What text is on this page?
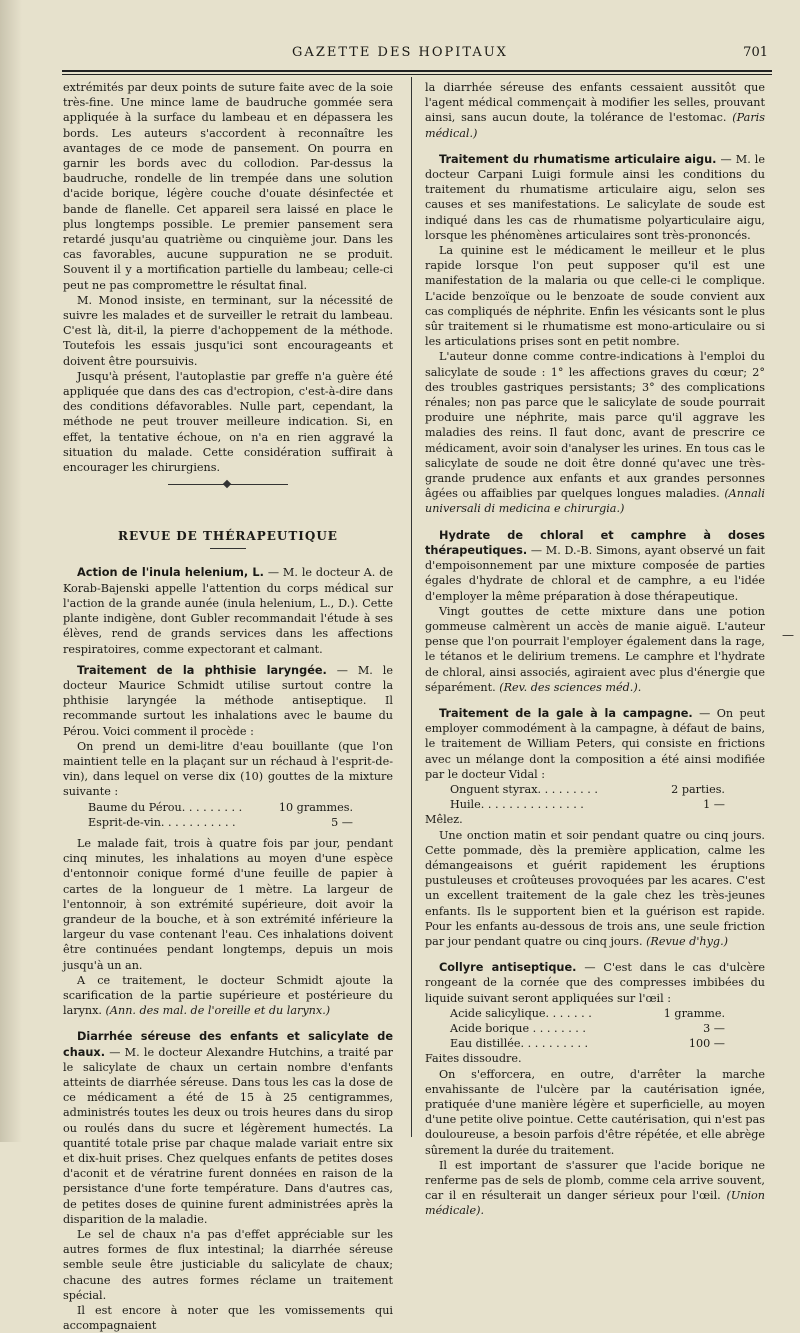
GAZETTE DES HOPITAUX	701

extrémités par deux points de suture faite avec de la soie très-fine. Une mince lame de baudruche gommée sera appliquée à la surface du lambeau et en dépassera les bords. Les auteurs s'accordent à reconnaître les avantages de ce mode de pansement. On pourra en garnir les bords avec du collodion. Par-dessus la baudruche, rondelle de lin trempée dans une solution d'acide borique, légère couche d'ouate désinfectée et bande de flanelle. Cet appareil sera laissé en place le plus longtemps possible. Le premier pansement sera retardé jusqu'au quatrième ou cinquième jour. Dans les cas favorables, aucune suppuration ne se produit. Souvent il y a mortification partielle du lambeau; celle-ci peut ne pas compromettre le résultat final.

M. Monod insiste, en terminant, sur la nécessité de suivre les malades et de surveiller le retrait du lambeau. C'est là, dit-il, la pierre d'achoppement de la méthode. Toutefois les essais jusqu'ici sont encourageants et doivent être poursuivis.

Jusqu'à présent, l'autoplastie par greffe n'a guère été appliquée que dans des cas d'ectropion, c'est-à-dire dans des conditions défavorables. Nulle part, cependant, la méthode ne peut trouver meilleure indication. Si, en effet, la tentative échoue, on n'a en rien aggravé la situation du malade. Cette considération suffirait à encourager les chirurgiens.

REVUE DE THÉRAPEUTIQUE

Action de l'inula helenium, L. — M. le docteur A. de Korab-Bajenski appelle l'attention du corps médical sur l'action de la grande aunée (inula helenium, L., D.). Cette plante indigène, dont Gubler recommandait l'étude à ses élèves, rend de grands services dans les affections respiratoires, comme expectorant et calmant.

Traitement de la phthisie laryngée. — M. le docteur Maurice Schmidt utilise surtout contre la phthisie laryngée la méthode antiseptique. Il recommande surtout les inhalations avec le baume du Pérou. Voici comment il procède :

On prend un demi-litre d'eau bouillante (que l'on maintient telle en la plaçant sur un réchaud à l'esprit-de-vin), dans lequel on verse dix (10) gouttes de la mixture suivante :

Baume du Pérou. . . . . . . . .	10 grammes.
Esprit-de-vin. . . . . . . . . . .	5 —

Le malade fait, trois à quatre fois par jour, pendant cinq minutes, les inhalations au moyen d'une espèce d'entonnoir conique formé d'une feuille de papier à cartes de la longueur de 1 mètre. La largeur de l'entonnoir, à son extrémité supérieure, doit avoir la grandeur de la bouche, et à son extrémité inférieure la largeur du vase contenant l'eau. Ces inhalations doivent être continuées pendant longtemps, depuis un mois jusqu'à un an.

A ce traitement, le docteur Schmidt ajoute la scarification de la partie supérieure et postérieure du larynx. (Ann. des mal. de l'oreille et du larynx.)

Diarrhée séreuse des enfants et salicylate de chaux. — M. le docteur Alexandre Hutchins, a traité par le salicylate de chaux un certain nombre d'enfants atteints de diarrhée séreuse. Dans tous les cas la dose de ce médicament a été de 15 à 25 centigrammes, administrés toutes les deux ou trois heures dans du sirop ou roulés dans du sucre et légèrement humectés. La quantité totale prise par chaque malade variait entre six et dix-huit prises. Chez quelques enfants de petites doses d'aconit et de vératrine furent données en raison de la persistance d'une forte température. Dans d'autres cas, de petites doses de quinine furent administrées après la disparition de la maladie.

Le sel de chaux n'a pas d'effet appréciable sur les autres formes de flux intestinal; la diarrhée séreuse semble seule être justiciable du salicylate de chaux; chacune des autres formes réclame un traitement spécial.

Il est encore à noter que les vomissements qui accompagnaient

la diarrhée séreuse des enfants cessaient aussitôt que l'agent médical commençait à modifier les selles, prouvant ainsi, sans aucun doute, la tolérance de l'estomac. (Paris médical.)

Traitement du rhumatisme articulaire aigu. — M. le docteur Carpani Luigi formule ainsi les conditions du traitement du rhumatisme articulaire aigu, selon ses causes et ses manifestations. Le salicylate de soude est indiqué dans les cas de rhumatisme polyarticulaire aigu, lorsque les phénomènes articulaires sont très-prononcés.

La quinine est le médicament le meilleur et le plus rapide lorsque l'on peut supposer qu'il est une manifestation de la malaria ou que celle-ci le complique. L'acide benzoïque ou le benzoate de soude convient aux cas compliqués de néphrite. Enfin les vésicants sont le plus sûr traitement si le rhumatisme est mono-articulaire ou si les articulations prises sont en petit nombre.

L'auteur donne comme contre-indications à l'emploi du salicylate de soude : 1° les affections graves du cœur; 2° des troubles gastriques persistants; 3° des complications rénales; non pas parce que le salicylate de soude pourrait produire une néphrite, mais parce qu'il aggrave les maladies des reins. Il faut donc, avant de prescrire ce médicament, avoir soin d'analyser les urines. En tous cas le salicylate de soude ne doit être donné qu'avec une très-grande prudence aux enfants et aux grandes personnes âgées ou affaiblies par quelques longues maladies. (Annali universali di medicina e chirurgia.)

Hydrate de chloral et camphre à doses thérapeutiques. — M. D.-B. Simons, ayant observé un fait d'empoisonnement par une mixture composée de parties égales d'hydrate de chloral et de camphre, a eu l'idée d'employer la même préparation à dose thérapeutique.

Vingt gouttes de cette mixture dans une potion gommeuse calmèrent un accès de manie aiguë. L'auteur pense que l'on pourrait l'employer également dans la rage, le tétanos et le delirium tremens. Le camphre et l'hydrate de chloral, ainsi associés, agiraient avec plus d'énergie que séparément. (Rev. des sciences méd.).

Traitement de la gale à la campagne. — On peut employer commodément à la campagne, à défaut de bains, le traitement de William Peters, qui consiste en frictions avec un mélange dont la composition a été ainsi modifiée par le docteur Vidal :

Onguent styrax. . . . . . . . .	2 parties.
Huile. . . . . . . . . . . . . . .	1 —

Mêlez.

Une onction matin et soir pendant quatre ou cinq jours. Cette pommade, dès la première application, calme les démangeaisons et guérit rapidement les éruptions pustuleuses et croûteuses provoquées par les acares. C'est un excellent traitement de la gale chez les très-jeunes enfants. Ils le supportent bien et la guérison est rapide. Pour les enfants au-dessous de trois ans, une seule friction par jour pendant quatre ou cinq jours. (Revue d'hyg.)

Collyre antiseptique. — C'est dans le cas d'ulcère rongeant de la cornée que des compresses imbibées du liquide suivant seront appliquées sur l'œil :

Acide salicylique. . . . . . .	1 gramme.
Acide borique . . . . . . . .	3 —
Eau distillée. . . . . . . . . .	100 —

Faites dissoudre.

On s'efforcera, en outre, d'arrêter la marche envahissante de l'ulcère par la cautérisation ignée, pratiquée d'une manière légère et superficielle, au moyen d'une petite olive pointue. Cette cautérisation, qui n'est pas douloureuse, a besoin parfois d'être répétée, et elle abrège sûrement la durée du traitement.

Il est important de s'assurer que l'acide borique ne renferme pas de sels de plomb, comme cela arrive souvent, car il en résulterait un danger sérieux pour l'œil. (Union médicale).

—
